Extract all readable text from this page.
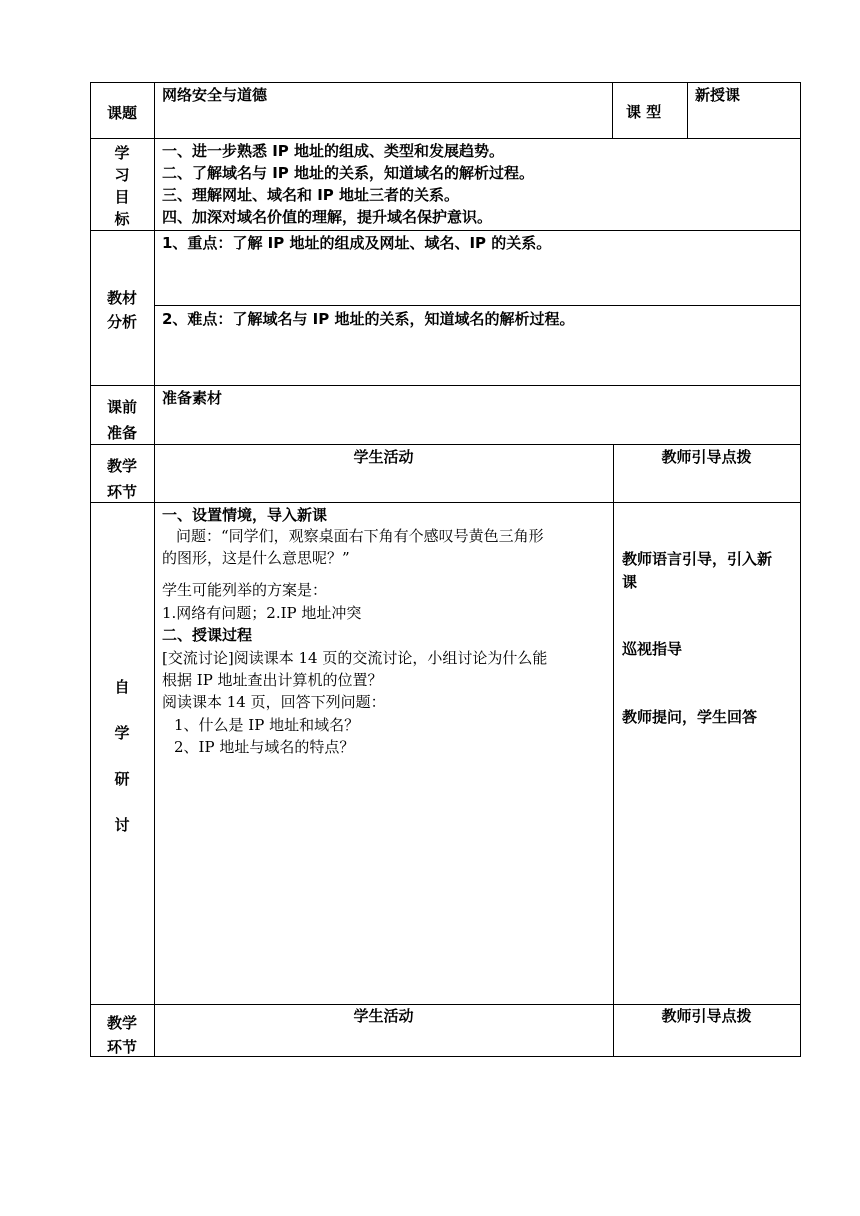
课题
网络安全与道德
课 型
新授课
学
习
目
标
一、进一步熟悉 IP 地址的组成、类型和发展趋势。
二、了解域名与 IP 地址的关系，知道域名的解析过程。
三、理解网址、域名和 IP 地址三者的关系。
四、加深对域名价值的理解，提升域名保护意识。
教材
分析
1、重点：了解 IP 地址的组成及网址、域名、IP 的关系。
2、难点：了解域名与 IP 地址的关系，知道域名的解析过程。
课前
准备
准备素材
教学
环节
学生活动	教师引导点拨
自
学
研
讨
一、设置情境，导入新课
问题：“同学们，观察桌面右下角有个感叹号黄色三角形
的图形，这是什么意思呢？”
学生可能列举的方案是：
1.网络有问题；2.IP 地址冲突
二、授课过程
[交流讨论]阅读课本 14 页的交流讨论，小组讨论为什么能
根据 IP 地址查出计算机的位置？
阅读课本 14 页，回答下列问题：
1、什么是 IP 地址和域名？
2、IP 地址与域名的特点？
教师语言引导，引入新
课
巡视指导
教师提问，学生回答
教学
环节
学生活动	教师引导点拨
